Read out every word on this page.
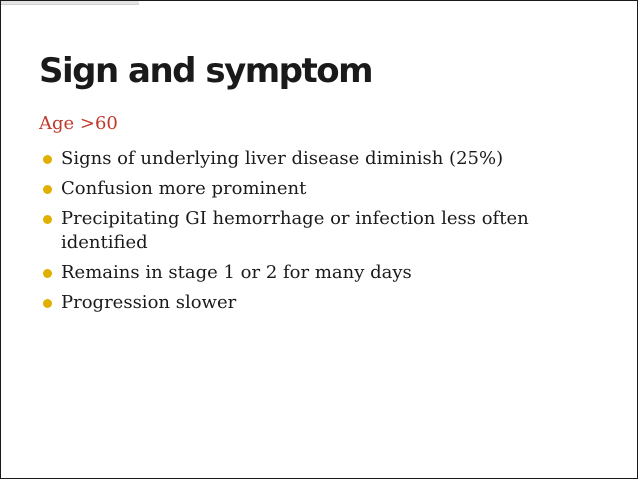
Sign and symptom
Age >60
Signs of underlying liver disease diminish (25%)
Confusion more prominent
Precipitating GI hemorrhage or infection less often identified
Remains in stage 1 or 2 for many days
Progression slower
